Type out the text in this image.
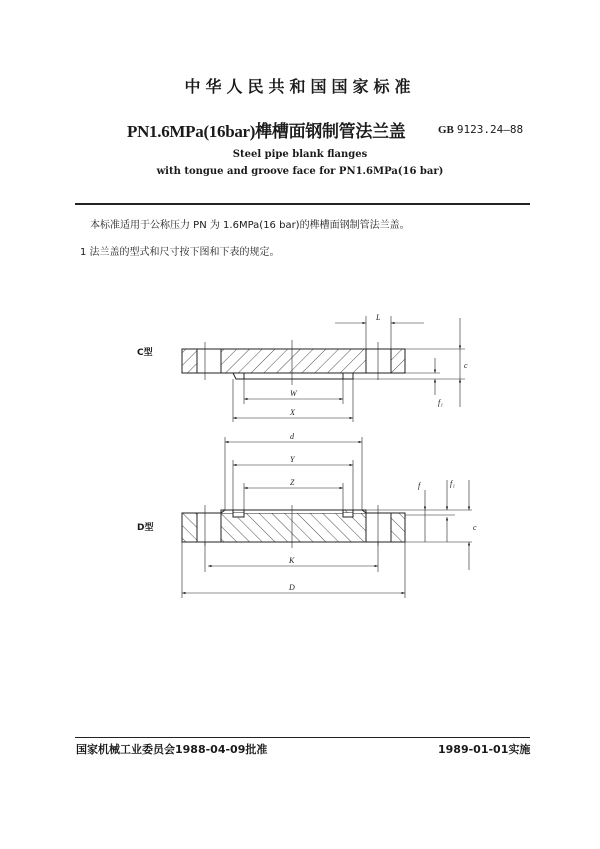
中华人民共和国国家标准
PN1.6MPa(16bar)榫槽面钢制管法兰盖	GB 9123.24—88
Steel pipe blank flanges
with tongue and groove face for PN1.6MPa(16 bar)
本标准适用于公称压力 PN 为 1.6MPa(16 bar)的榫槽面钢制管法兰盖。
1 法兰盖的型式和尺寸按下图和下表的规定。
C型
D型
L
c
f₁
W
X
d
Y
Z	f	f₁
c
K
D
国家机械工业委员会1988-04-09批准	1989-01-01实施
